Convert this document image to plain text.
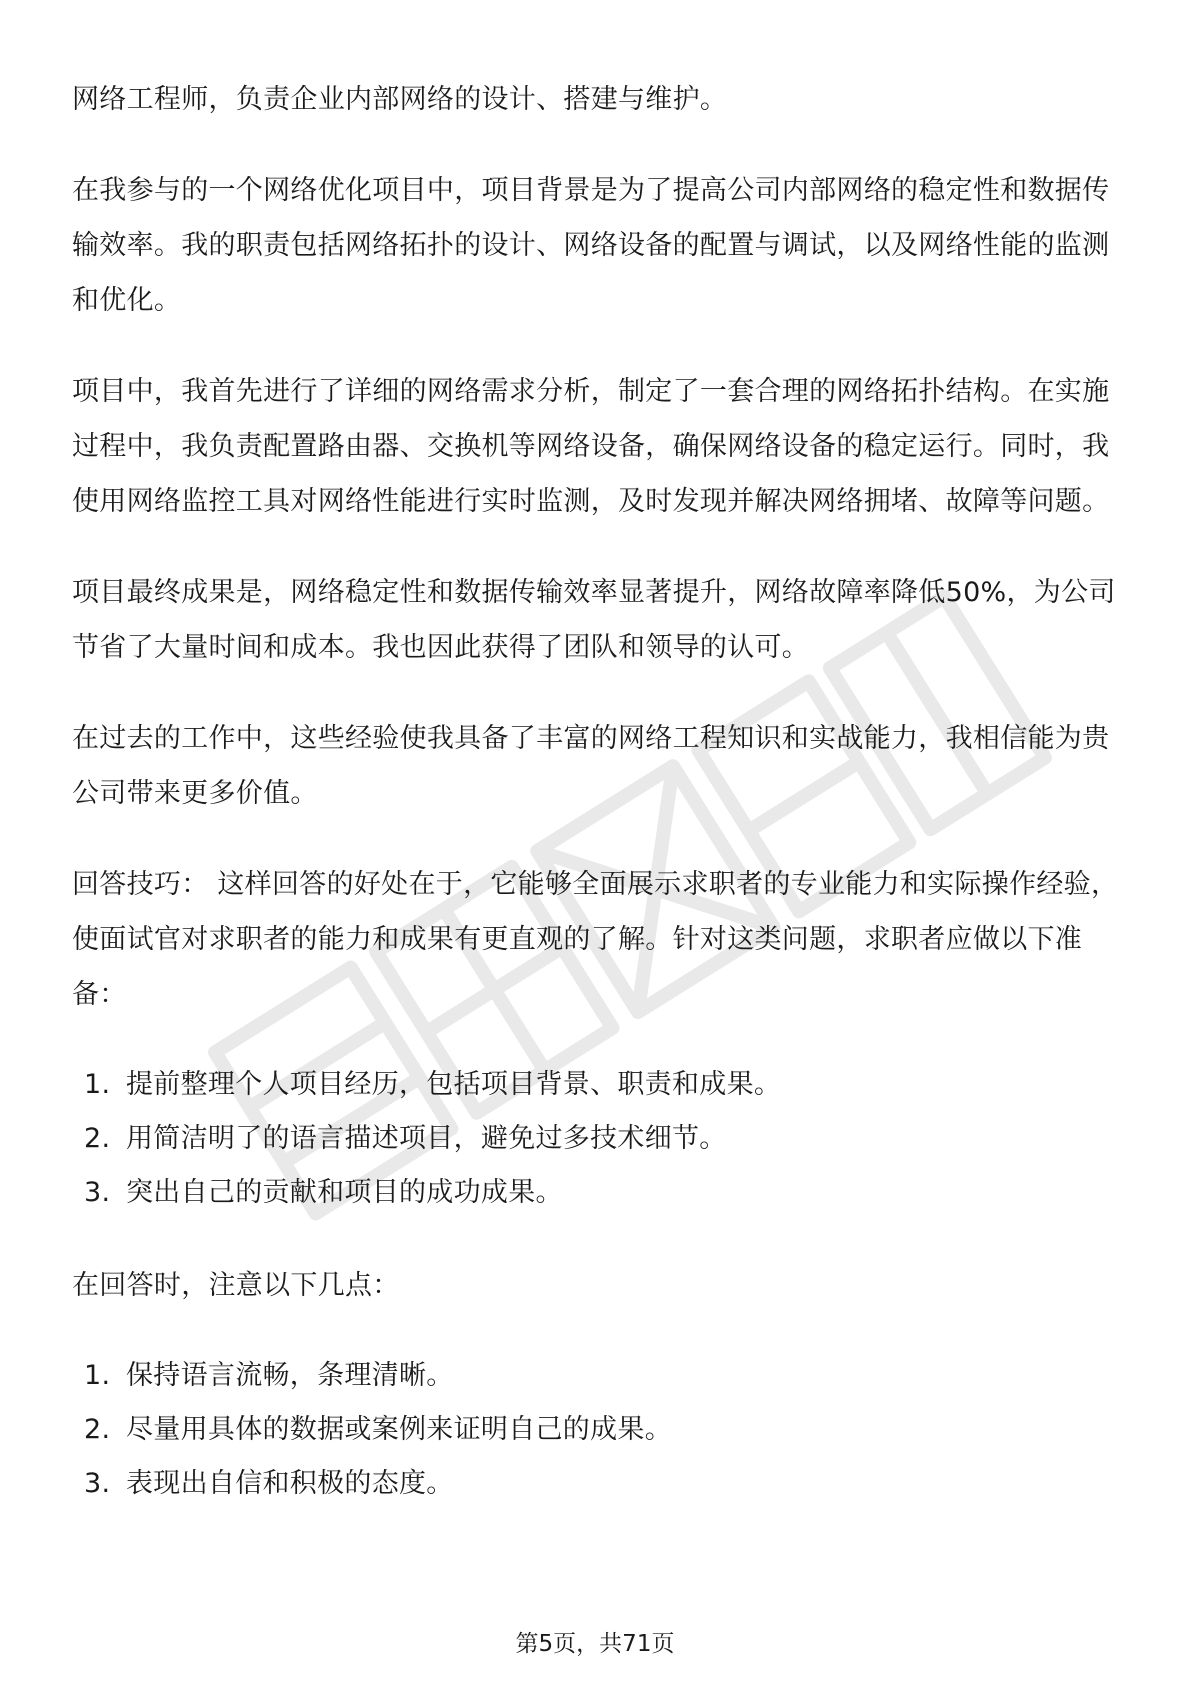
网络工程师，负责企业内部网络的设计、搭建与维护。

在我参与的一个网络优化项目中，项目背景是为了提高公司内部网络的稳定性和数据传输效率。我的职责包括网络拓扑的设计、网络设备的配置与调试，以及网络性能的监测和优化。

项目中，我首先进行了详细的网络需求分析，制定了一套合理的网络拓扑结构。在实施过程中，我负责配置路由器、交换机等网络设备，确保网络设备的稳定运行。同时，我使用网络监控工具对网络性能进行实时监测，及时发现并解决网络拥堵、故障等问题。

项目最终成果是，网络稳定性和数据传输效率显著提升，网络故障率降低50%，为公司节省了大量时间和成本。我也因此获得了团队和领导的认可。

在过去的工作中，这些经验使我具备了丰富的网络工程知识和实战能力，我相信能为贵公司带来更多价值。

回答技巧： 这样回答的好处在于，它能够全面展示求职者的专业能力和实际操作经验，使面试官对求职者的能力和成果有更直观的了解。针对这类问题，求职者应做以下准备：

1. 提前整理个人项目经历，包括项目背景、职责和成果。
2. 用简洁明了的语言描述项目，避免过多技术细节。
3. 突出自己的贡献和项目的成功成果。

在回答时，注意以下几点：

1. 保持语言流畅，条理清晰。
2. 尽量用具体的数据或案例来证明自己的成果。
3. 表现出自信和积极的态度。
第5页，共71页
